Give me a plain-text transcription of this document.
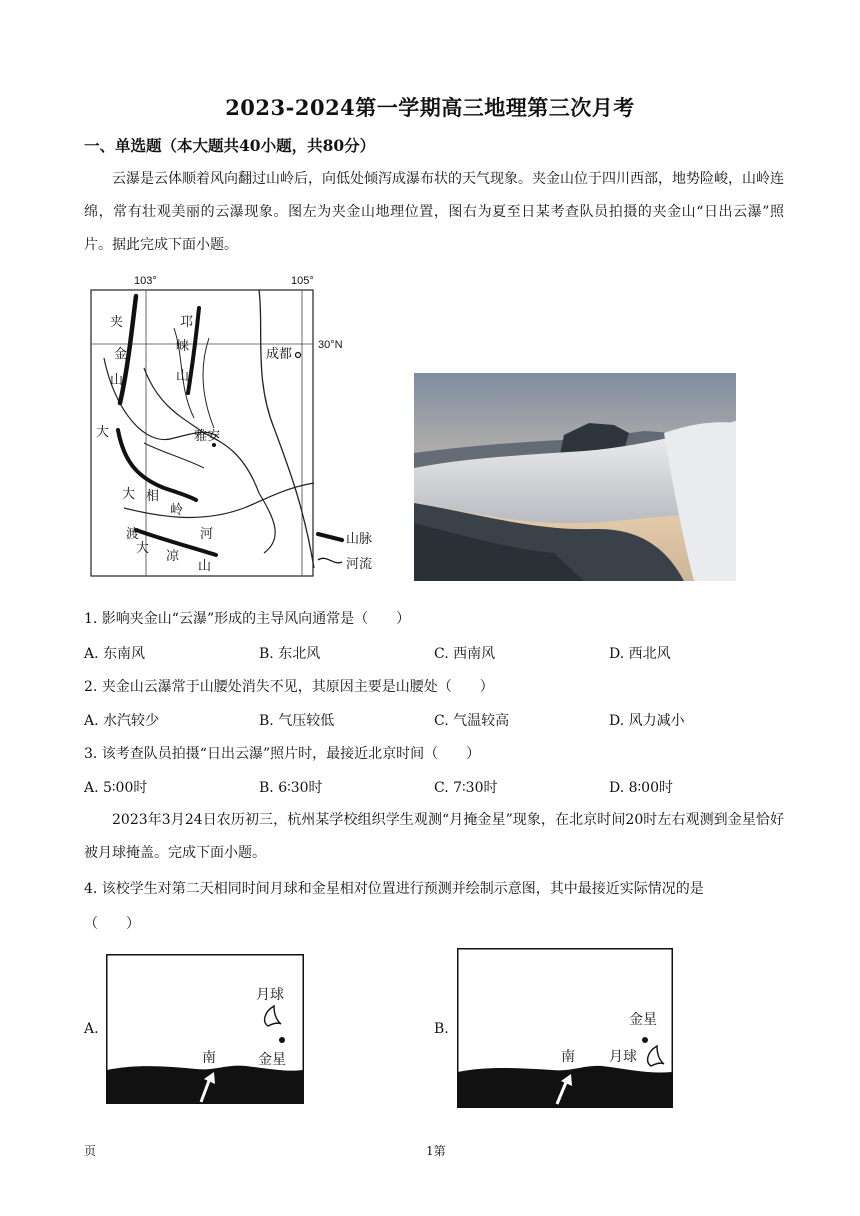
2023-2024第一学期高三地理第三次月考
一、单选题（本大题共40小题，共80分）
云瀑是云体顺着风向翻过山岭后，向低处倾泻成瀑布状的天气现象。夹金山位于四川西部，地势险峻，山岭连绵，常有壮观美丽的云瀑现象。图左为夹金山地理位置，图右为夏至日某考查队员拍摄的夹金山“日出云瀑”照片。据此完成下面小题。
103°	105°
30°N
夹
金
山
邛
崃
山
成都
雅安
大
大 相
岭
渡	河
大
凉
山
山脉
河流
1. 影响夹金山“云瀑”形成的主导风向通常是（　　）
A. 东南风	B. 东北风	C. 西南风	D. 西北风
2. 夹金山云瀑常于山腰处消失不见，其原因主要是山腰处（　　）
A. 水汽较少	B. 气压较低	C. 气温较高	D. 风力减小
3. 该考查队员拍摄“日出云瀑”照片时，最接近北京时间（　　）
A. 5∶00时	B. 6∶30时	C. 7∶30时	D. 8∶00时
2023年3月24日农历初三，杭州某学校组织学生观测“月掩金星”现象，在北京时间20时左右观测到金星恰好被月球掩盖。完成下面小题。
4. 该校学生对第二天相同时间月球和金星相对位置进行预测并绘制示意图，其中最接近实际情况的是
（　　）
A.
南
月球
金星
B.
南
金星
月球
页	1第
